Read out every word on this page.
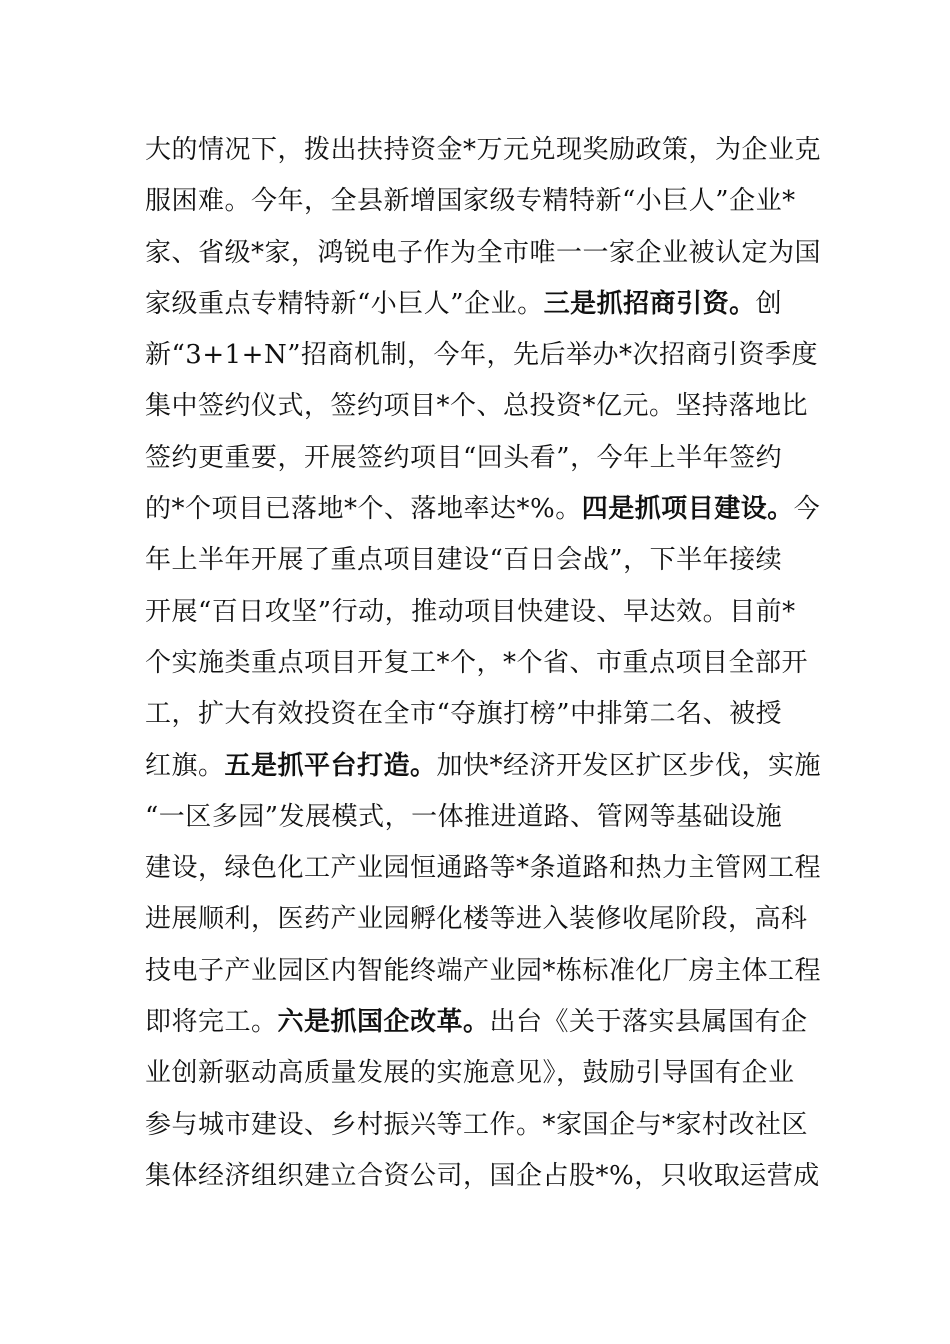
大的情况下，拨出扶持资金*万元兑现奖励政策，为企业克
服困难。今年，全县新增国家级专精特新“小巨人”企业*
家、省级*家，鸿锐电子作为全市唯一一家企业被认定为国
家级重点专精特新“小巨人”企业。三是抓招商引资。创
新“3+1+N”招商机制，今年，先后举办*次招商引资季度
集中签约仪式，签约项目*个、总投资*亿元。坚持落地比
签约更重要，开展签约项目“回头看”，今年上半年签约
的*个项目已落地*个、落地率达*%。四是抓项目建设。今
年上半年开展了重点项目建设“百日会战”，下半年接续
开展“百日攻坚”行动，推动项目快建设、早达效。目前*
个实施类重点项目开复工*个，*个省、市重点项目全部开
工，扩大有效投资在全市“夺旗打榜”中排第二名、被授
红旗。五是抓平台打造。加快*经济开发区扩区步伐，实施
“一区多园”发展模式，一体推进道路、管网等基础设施
建设，绿色化工产业园恒通路等*条道路和热力主管网工程
进展顺利，医药产业园孵化楼等进入装修收尾阶段，高科
技电子产业园区内智能终端产业园*栋标准化厂房主体工程
即将完工。六是抓国企改革。出台《关于落实县属国有企
业创新驱动高质量发展的实施意见》，鼓励引导国有企业
参与城市建设、乡村振兴等工作。*家国企与*家村改社区
集体经济组织建立合资公司，国企占股*%，只收取运营成
